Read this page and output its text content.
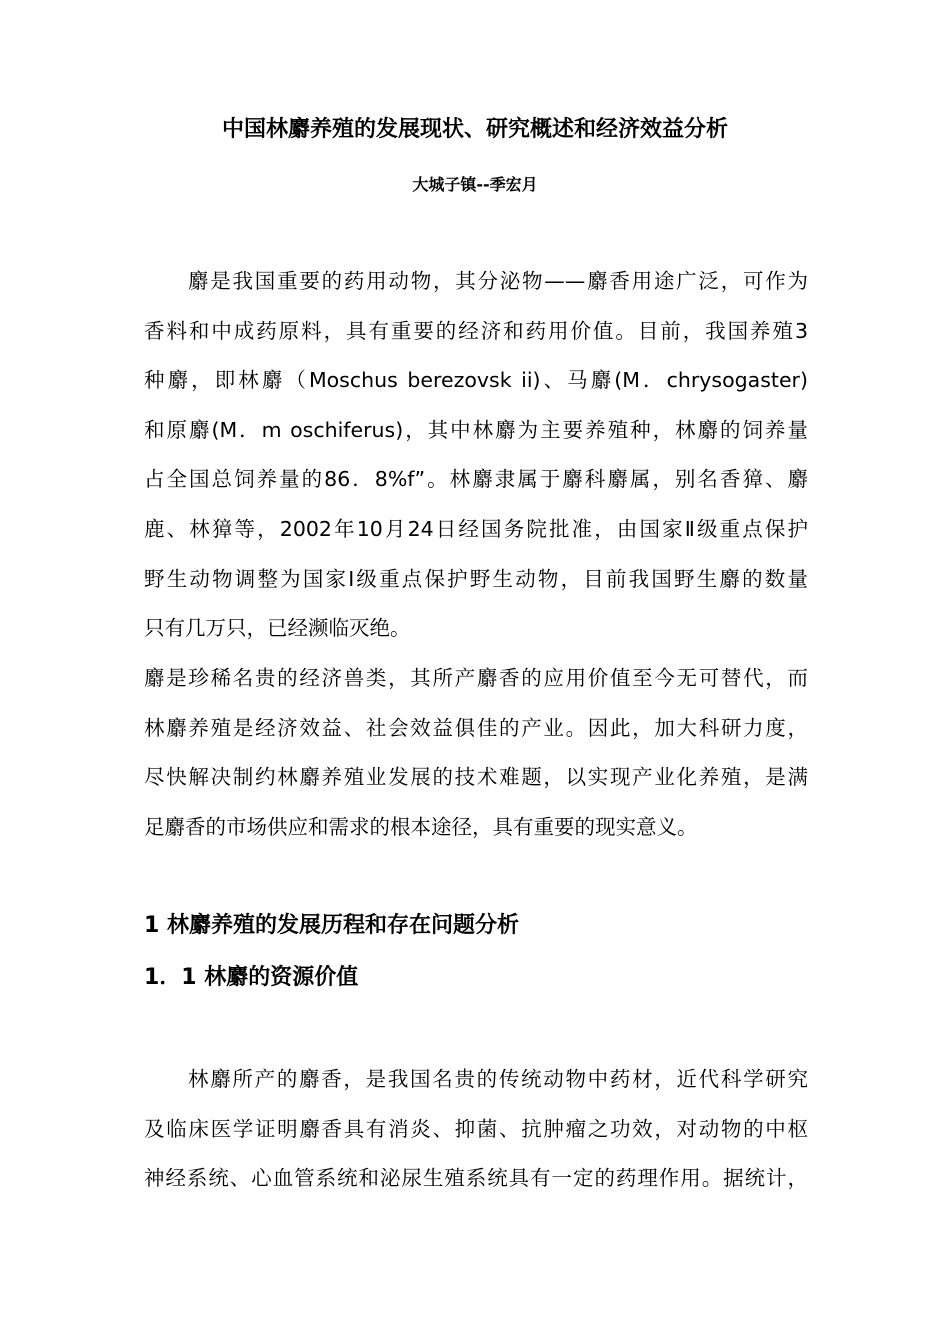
中国林麝养殖的发展现状、研究概述和经济效益分析
大城子镇--季宏月
麝是我国重要的药用动物，其分泌物——麝香用途广泛，可作为
香料和中成药原料，具有重要的经济和药用价值。目前，我国养殖3
种麝，即林麝（Moschus berezovsk ii)、马麝(M．chrysogaster)
和原麝(M．m oschiferus)，其中林麝为主要养殖种，林麝的饲养量
占全国总饲养量的86．8%f”。林麝隶属于麝科麝属，别名香獐、麝
鹿、林獐等，2002年10月24日经国务院批准，由国家Ⅱ级重点保护
野生动物调整为国家I级重点保护野生动物，目前我国野生麝的数量
只有几万只，已经濒临灭绝。
麝是珍稀名贵的经济兽类，其所产麝香的应用价值至今无可替代，而
林麝养殖是经济效益、社会效益俱佳的产业。因此，加大科研力度，
尽快解决制约林麝养殖业发展的技术难题，以实现产业化养殖，是满
足麝香的市场供应和需求的根本途径，具有重要的现实意义。
1 林麝养殖的发展历程和存在问题分析
1．1 林麝的资源价值
林麝所产的麝香，是我国名贵的传统动物中药材，近代科学研究
及临床医学证明麝香具有消炎、抑菌、抗肿瘤之功效，对动物的中枢
神经系统、心血管系统和泌尿生殖系统具有一定的药理作用。据统计，
